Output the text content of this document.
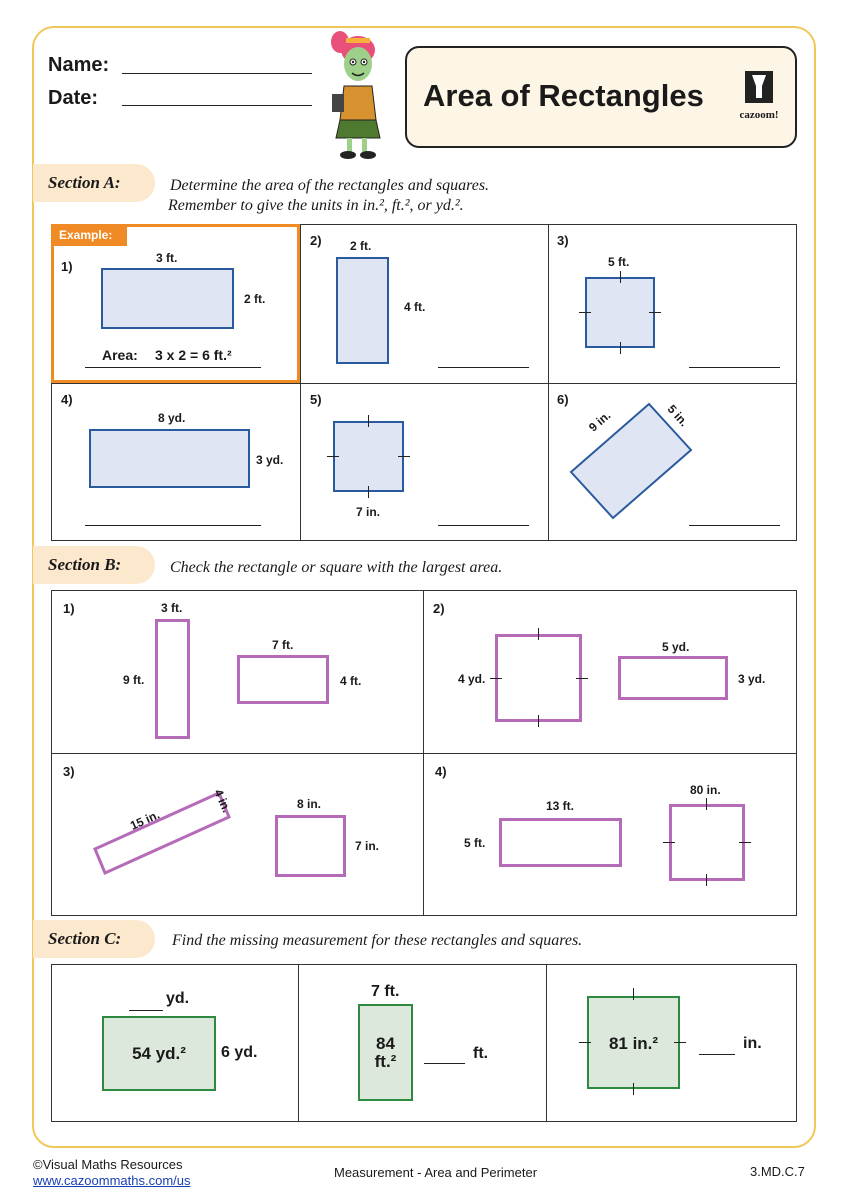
Name:
Date:	Area of Rectangles
cazoom!
Section A:	Determine the area of the rectangles and squares.
Remember to give the units in in.², ft.², or yd.².
Example:
1)
3 ft.
2 ft.
Area: 3 x 2 = 6 ft.²
2) 2 ft.
4 ft.
3)
5 ft.
4)
8 yd.
3 yd.
5)
7 in.
6)
9 in.	5 in.
Section B:	Check the rectangle or square with the largest area.
1)	3 ft.
9 ft.
7 ft.
4 ft.
2)
4 yd.
5 yd.
3 yd.
3)
15 in.
4 in.	8 in.
7 in.
4)
13 ft.
5 ft.
80 in.
Section C:	Find the missing measurement for these rectangles and squares.
yd.
54 yd.²	6 yd.
7 ft.
84
ft.²	ft.
81 in.²	in.
©Visual Maths Resources
www.cazoommaths.com/us
Measurement - Area and Perimeter	3.MD.C.7
